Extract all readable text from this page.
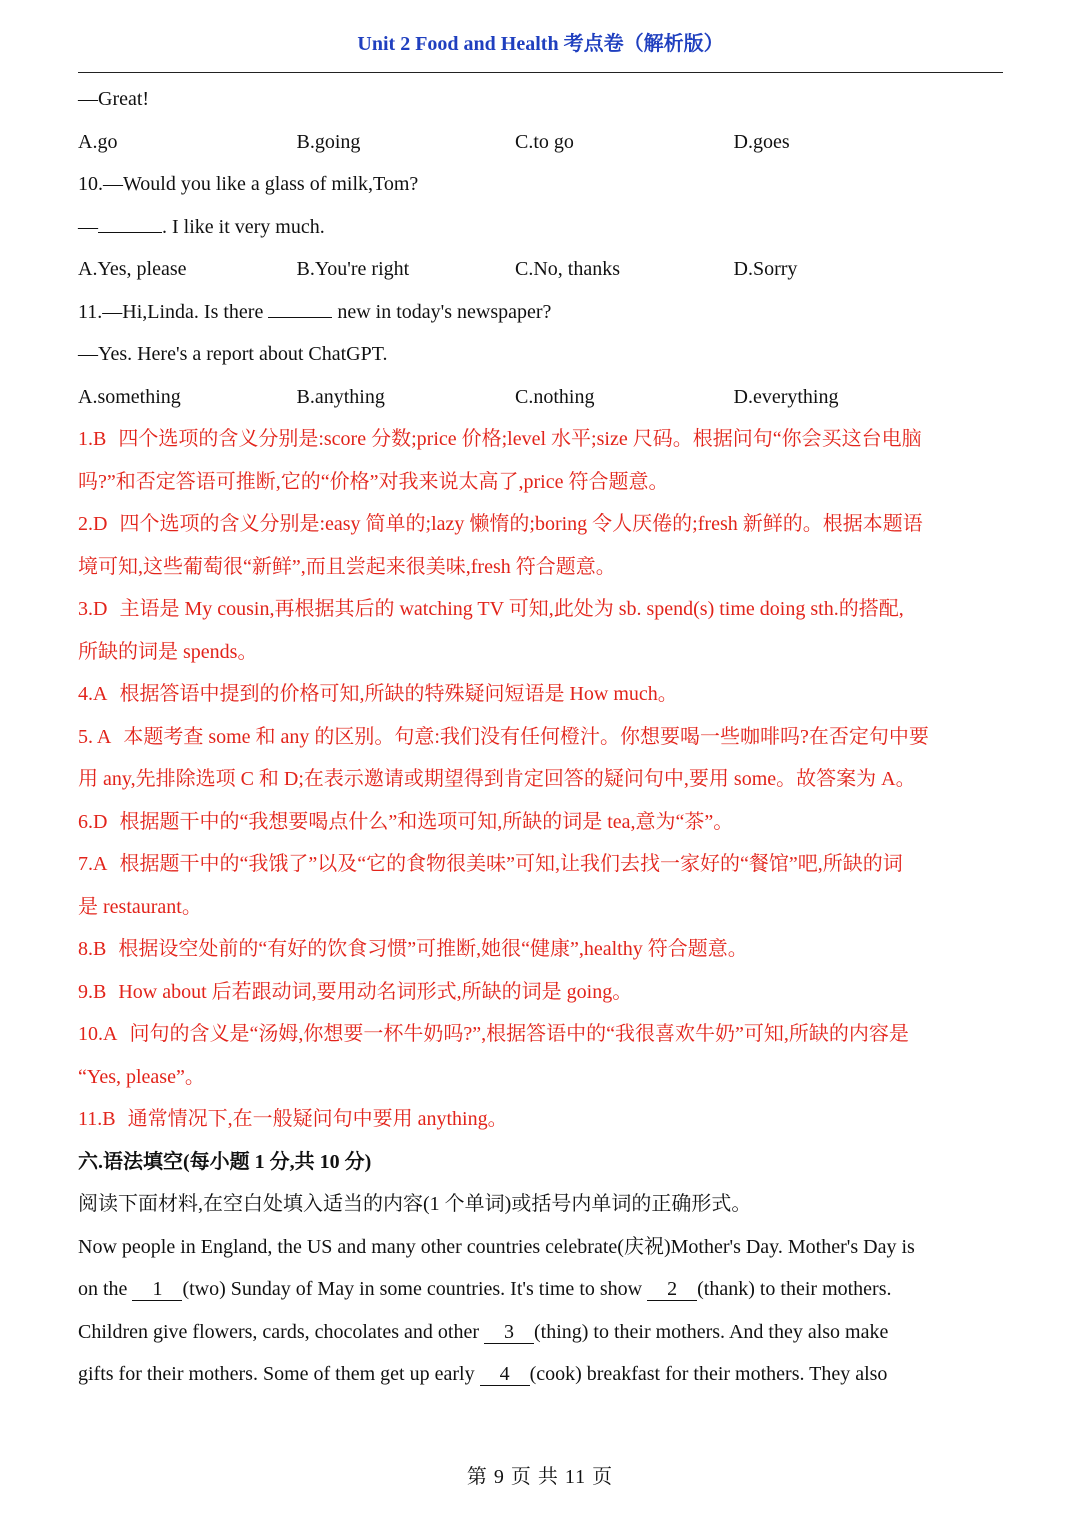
Unit 2 Food and Health 考点卷（解析版）
—Great!
A.go	B.going	C.to go	D.goes
10.—Would you like a glass of milk,Tom?
—	. I like it very much.
A.Yes, please	B.You're right	C.No, thanks	D.Sorry
11.—Hi,Linda. Is there	new in today's newspaper?
—Yes. Here's a report about ChatGPT.
A.something	B.anything	C.nothing	D.everything
1.B 四个选项的含义分别是:score 分数;price 价格;level 水平;size 尺码。根据问句“你会买这台电脑
吗?”和否定答语可推断,它的“价格”对我来说太高了,price 符合题意。
2.D 四个选项的含义分别是:easy 简单的;lazy 懒惰的;boring 令人厌倦的;fresh 新鲜的。根据本题语
境可知,这些葡萄很“新鲜”,而且尝起来很美味,fresh 符合题意。
3.D 主语是 My cousin,再根据其后的 watching TV 可知,此处为 sb. spend(s) time doing sth.的搭配,
所缺的词是 spends。
4.A 根据答语中提到的价格可知,所缺的特殊疑问短语是 How much。
5. A 本题考查 some 和 any 的区别。句意:我们没有任何橙汁。你想要喝一些咖啡吗?在否定句中要
用 any,先排除选项 C 和 D;在表示邀请或期望得到肯定回答的疑问句中,要用 some。故答案为 A。
6.D 根据题干中的“我想要喝点什么”和选项可知,所缺的词是 tea,意为“茶”。
7.A 根据题干中的“我饿了”以及“它的食物很美味”可知,让我们去找一家好的“餐馆”吧,所缺的词
是 restaurant。
8.B 根据设空处前的“有好的饮食习惯”可推断,她很“健康”,healthy 符合题意。
9.B How about 后若跟动词,要用动名词形式,所缺的词是 going。
10.A 问句的含义是“汤姆,你想要一杯牛奶吗?”,根据答语中的“我很喜欢牛奶”可知,所缺的内容是
“Yes, please”。
11.B 通常情况下,在一般疑问句中要用 anything。
六.语法填空(每小题 1 分,共 10 分)
阅读下面材料,在空白处填入适当的内容(1 个单词)或括号内单词的正确形式。
Now people in England, the US and many other countries celebrate(庆祝)Mother's Day. Mother's Day is
on the 1 (two) Sunday of May in some countries. It's time to show 2 (thank) to their mothers.
Children give flowers, cards, chocolates and other 3 (thing) to their mothers. And they also make
gifts for their mothers. Some of them get up early 4 (cook) breakfast for their mothers. They also
第 9 页 共 11 页
